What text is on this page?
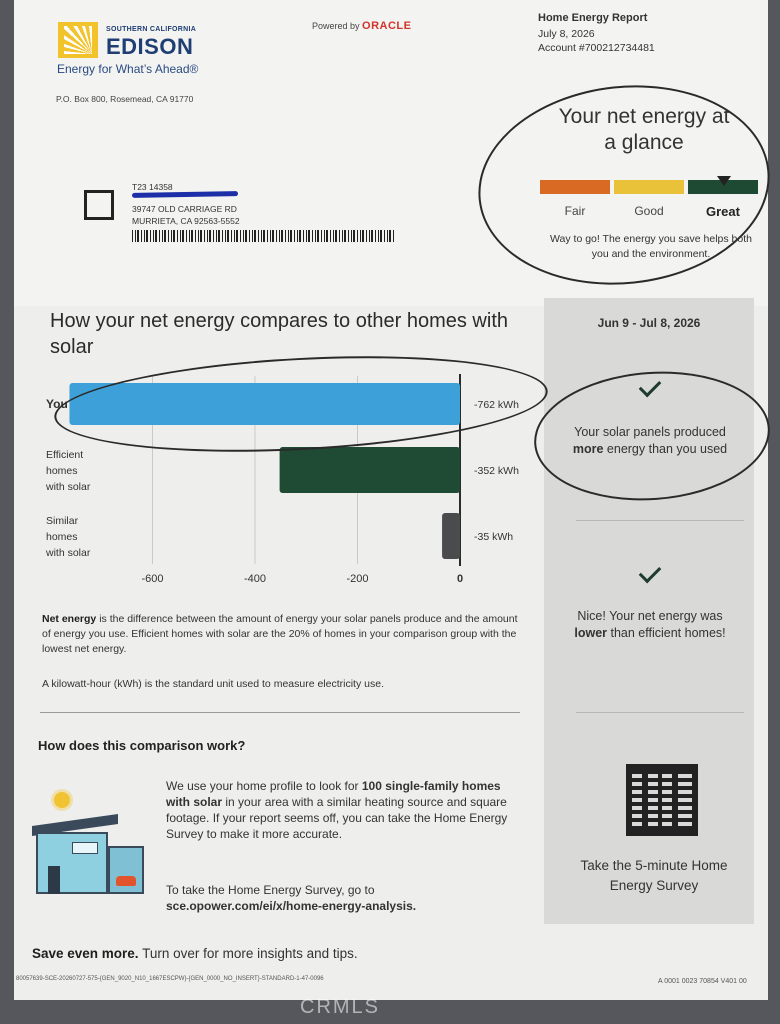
SOUTHERN CALIFORNIA
EDISON
Energy for What’s Ahead®
P.O. Box 800, Rosemead, CA 91770
Powered by ORACLE
Home Energy Report
July 8, 2026
Account #700212734481
Your net energy at a glance
Fair	Good	Great
Way to go! The energy you save helps both you and the environment.
T23 14358
39747 OLD CARRIAGE RD
MURRIETA, CA 92563-5552
Jun 9 - Jul 8, 2026
Your solar panels produced more energy than you used
Nice! Your net energy was lower than efficient homes!
Take the 5-minute Home Energy Survey
How your net energy compares to other homes with solar
-600	-400	-200	0
-762 kWh
You
-352 kWh
Efficient homes with solar
-35 kWh
Similar homes with solar
Net energy is the difference between the amount of energy your solar panels produce and the amount of energy you use. Efficient homes with solar are the 20% of homes in your comparison group with the lowest net energy.
A kilowatt-hour (kWh) is the standard unit used to measure electricity use.
How does this comparison work?
We use your home profile to look for 100 single-family homes with solar in your area with a similar heating source and square footage. If your report seems off, you can take the Home Energy Survey to make it more accurate.
To take the Home Energy Survey, go to
sce.opower.com/ei/x/home-energy-analysis.
Save even more. Turn over for more insights and tips.
80057639-SCE-20260727-575-{GEN_9020_N10_1667ESCPW}-{GEN_0000_NO_INSERT}-STANDARD-1-47-0096	A 0001 0023 70854 V401 00
CRMLS
